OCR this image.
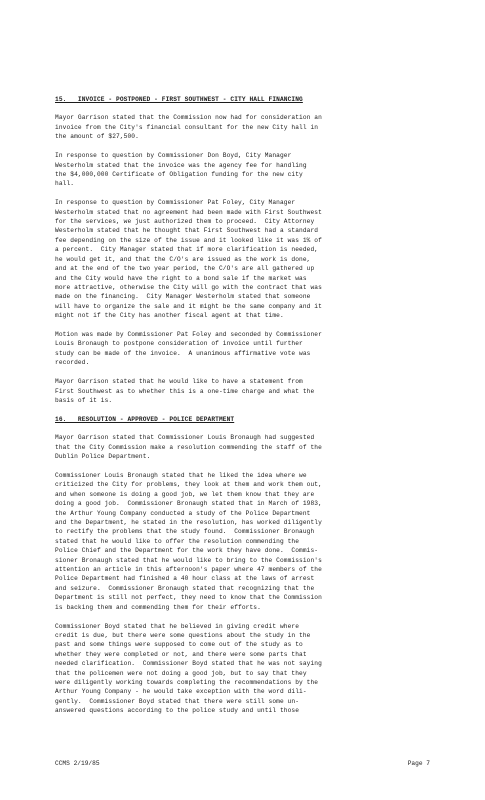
15.   INVOICE - POSTPONED - FIRST SOUTHWEST - CITY HALL FINANCING

Mayor Garrison stated that the Commission now had for consideration an
invoice from the City's financial consultant for the new City hall in
the amount of $27,500.

In response to question by Commissioner Don Boyd, City Manager
Westerholm stated that the invoice was the agency fee for handling
the $4,000,000 Certificate of Obligation funding for the new city
hall.

In response to question by Commissioner Pat Foley, City Manager
Westerholm stated that no agreement had been made with First Southwest
for the services, we just authorized them to proceed.  City Attorney
Westerholm stated that he thought that First Southwest had a standard
fee depending on the size of the issue and it looked like it was 1% of
a percent.  City Manager stated that if more clarification is needed,
he would get it, and that the C/O's are issued as the work is done,
and at the end of the two year period, the C/O's are all gathered up
and the City would have the right to a bond sale if the market was
more attractive, otherwise the City will go with the contract that was
made on the financing.  City Manager Westerholm stated that someone
will have to organize the sale and it might be the same company and it
might not if the City has another fiscal agent at that time.

Motion was made by Commissioner Pat Foley and seconded by Commissioner
Louis Bronaugh to postpone consideration of invoice until further
study can be made of the invoice.  A unanimous affirmative vote was
recorded.

Mayor Garrison stated that he would like to have a statement from
First Southwest as to whether this is a one-time charge and what the
basis of it is.

16.   RESOLUTION - APPROVED - POLICE DEPARTMENT

Mayor Garrison stated that Commissioner Louis Bronaugh had suggested
that the City Commission make a resolution commending the staff of the
Dublin Police Department.

Commissioner Louis Bronaugh stated that he liked the idea where we
criticized the City for problems, they look at them and work them out,
and when someone is doing a good job, we let them know that they are
doing a good job.  Commissioner Bronaugh stated that in March of 1983,
the Arthur Young Company conducted a study of the Police Department
and the Department, he stated in the resolution, has worked diligently
to rectify the problems that the study found.  Commissioner Bronaugh
stated that he would like to offer the resolution commending the
Police Chief and the Department for the work they have done.  Commis-
sioner Bronaugh stated that he would like to bring to the Commission's
attention an article in this afternoon's paper where 47 members of the
Police Department had finished a 40 hour class at the laws of arrest
and seizure.  Commissioner Bronaugh stated that recognizing that the
Department is still not perfect, they need to know that the Commission
is backing them and commending them for their efforts.

Commissioner Boyd stated that he believed in giving credit where
credit is due, but there were some questions about the study in the
past and some things were supposed to come out of the study as to
whether they were completed or not, and there were some parts that
needed clarification.  Commissioner Boyd stated that he was not saying
that the policemen were not doing a good job, but to say that they
were diligently working towards completing the recommendations by the
Arthur Young Company - he would take exception with the word dili-
gently.  Commissioner Boyd stated that there were still some un-
answered questions according to the police study and until those

CCMS 2/19/85	Page 7
